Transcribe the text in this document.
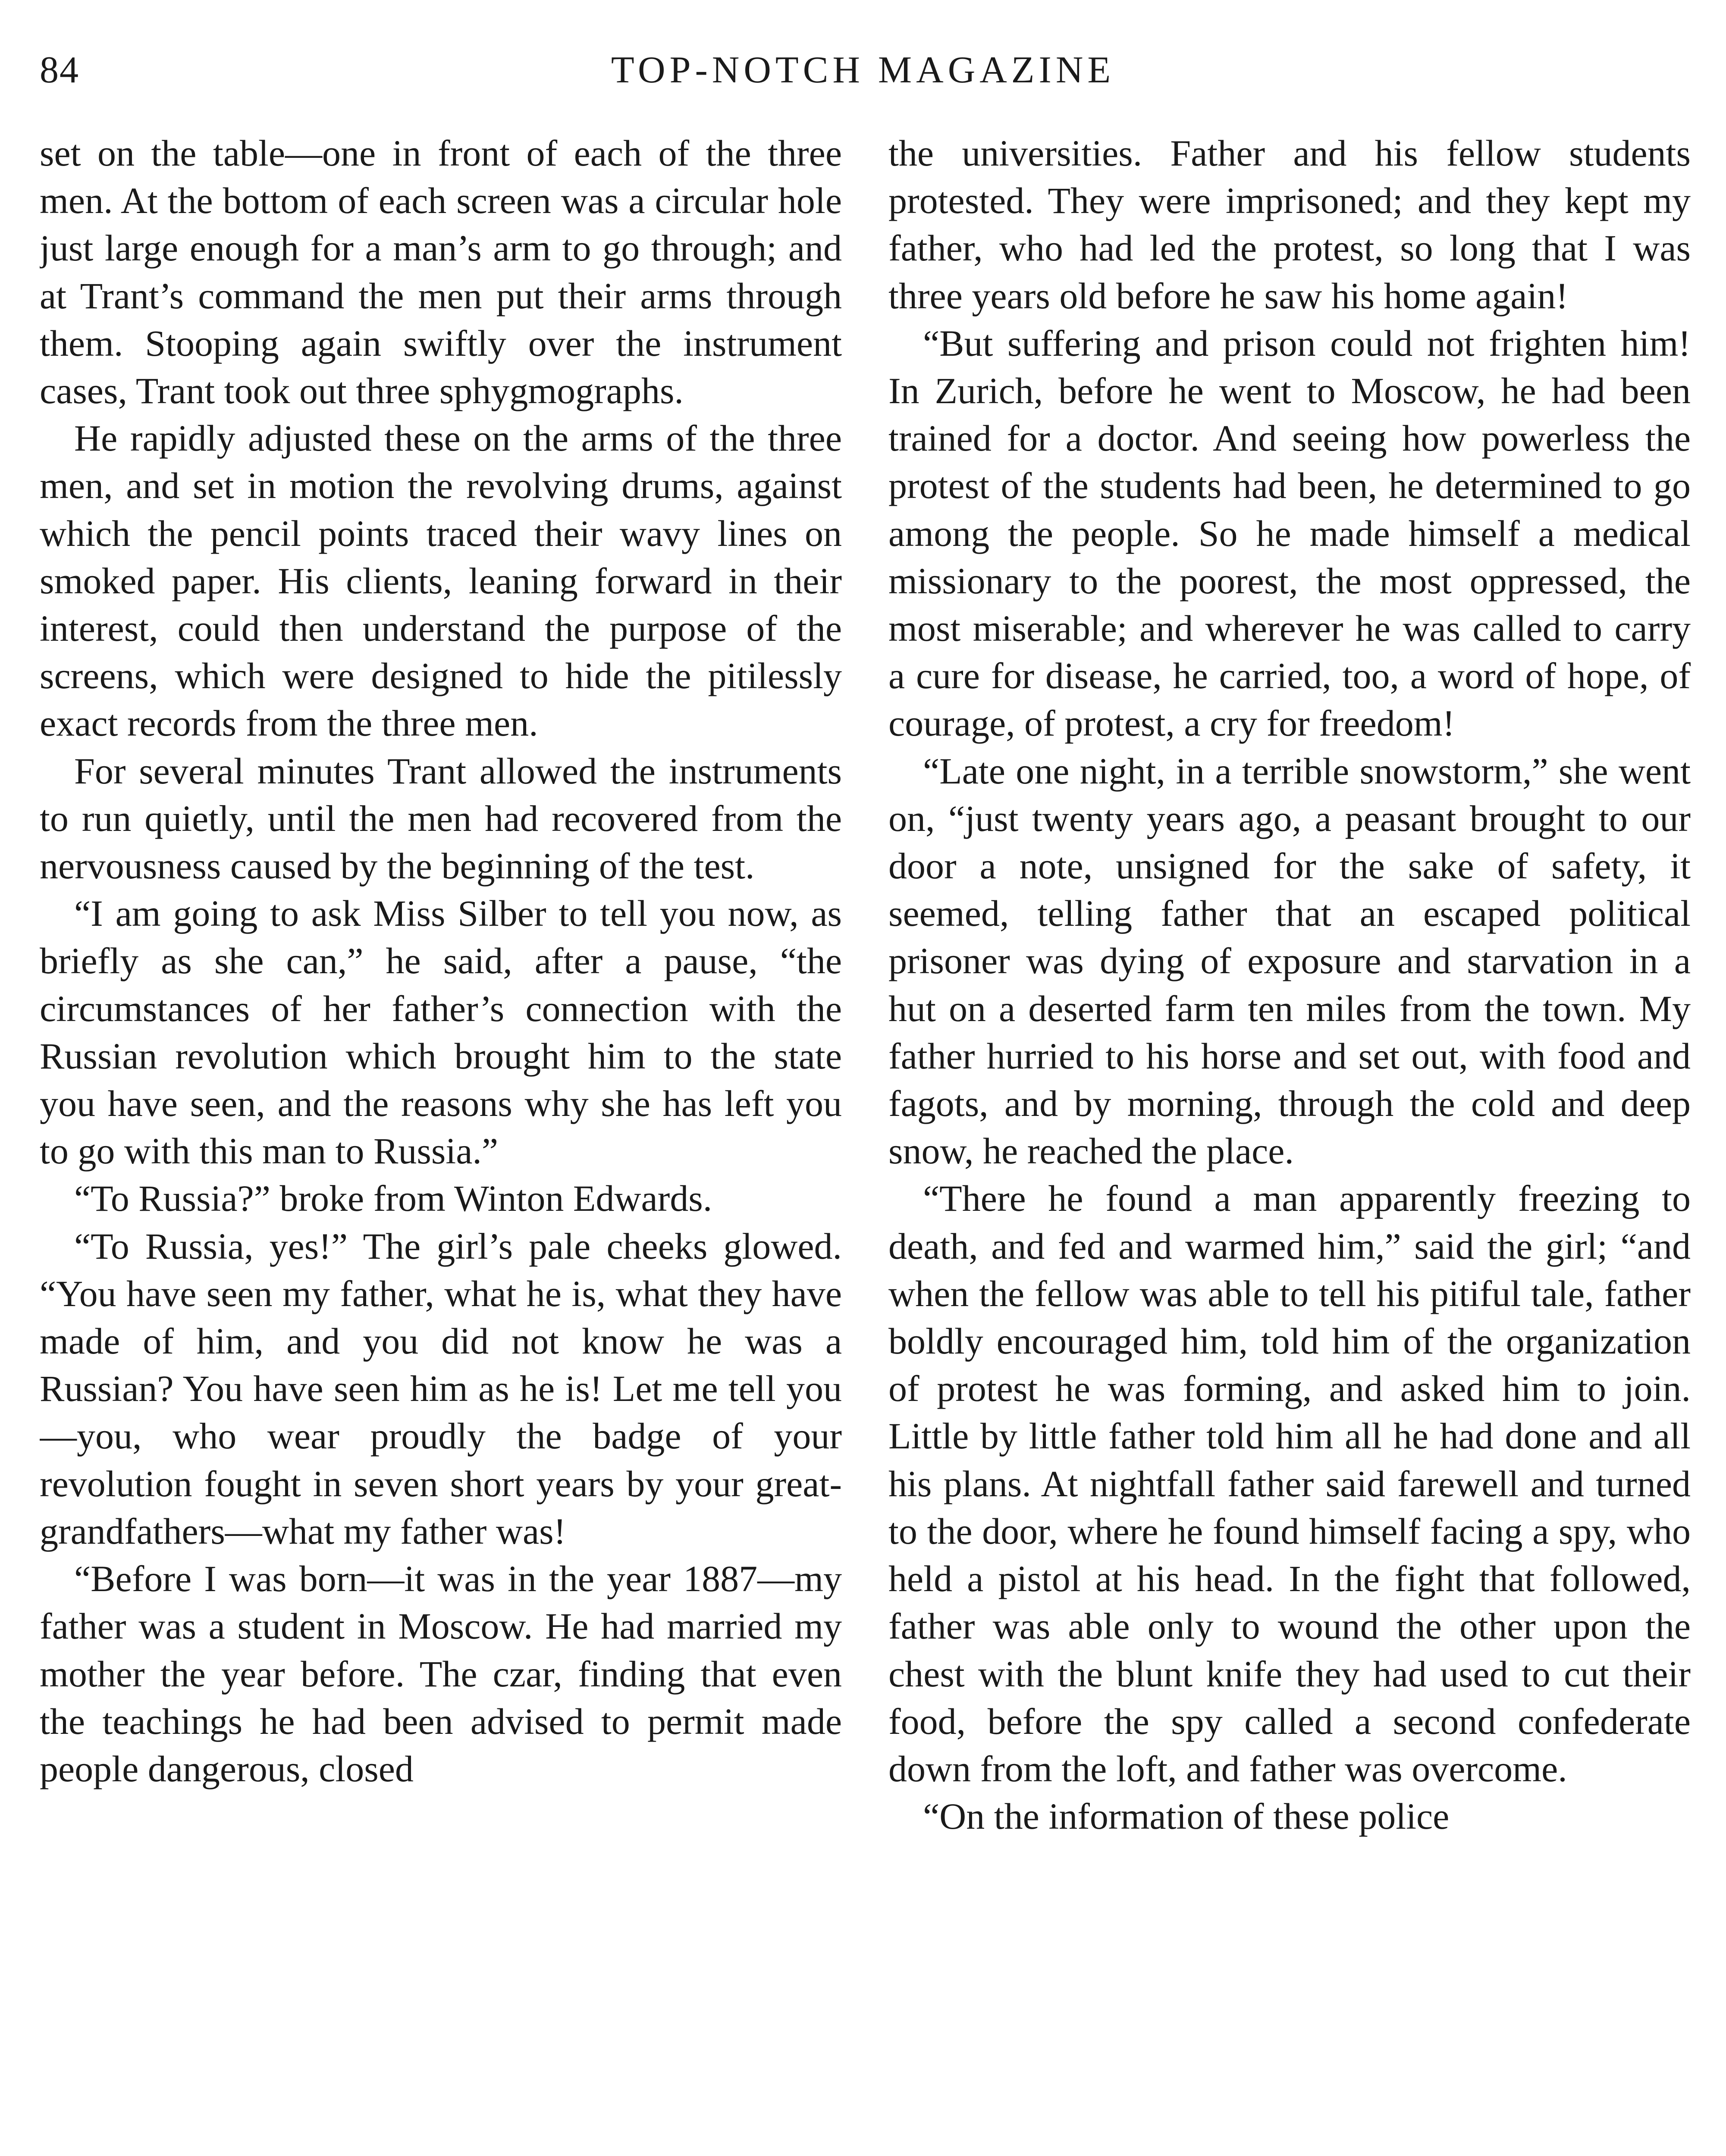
84	TOP-NOTCH MAGAZINE

set on the table—one in front of each of the three men. At the bottom of each screen was a circular hole just large enough for a man’s arm to go through; and at Trant’s command the men put their arms through them. Stooping again swiftly over the instrument cases, Trant took out three sphygmographs.

He rapidly adjusted these on the arms of the three men, and set in motion the revolving drums, against which the pencil points traced their wavy lines on smoked paper. His clients, leaning forward in their interest, could then understand the purpose of the screens, which were designed to hide the pitilessly exact records from the three men.

For several minutes Trant allowed the instruments to run quietly, until the men had recovered from the nervousness caused by the beginning of the test.

“I am going to ask Miss Silber to tell you now, as briefly as she can,” he said, after a pause, “the circumstances of her father’s connection with the Russian revolution which brought him to the state you have seen, and the reasons why she has left you to go with this man to Russia.”

“To Russia?” broke from Winton Edwards.

“To Russia, yes!” The girl’s pale cheeks glowed. “You have seen my father, what he is, what they have made of him, and you did not know he was a Russian? You have seen him as he is! Let me tell you—you, who wear proudly the badge of your revolution fought in seven short years by your great-grandfathers—what my father was!

“Before I was born—it was in the year 1887—my father was a student in Moscow. He had married my mother the year before. The czar, finding that even the teachings he had been advised to permit made people dangerous, closed

the universities. Father and his fellow students protested. They were imprisoned; and they kept my father, who had led the protest, so long that I was three years old before he saw his home again!

“But suffering and prison could not frighten him! In Zurich, before he went to Moscow, he had been trained for a doctor. And seeing how powerless the protest of the students had been, he determined to go among the people. So he made himself a medical missionary to the poorest, the most oppressed, the most miserable; and wherever he was called to carry a cure for disease, he carried, too, a word of hope, of courage, of protest, a cry for freedom!

“Late one night, in a terrible snowstorm,” she went on, “just twenty years ago, a peasant brought to our door a note, unsigned for the sake of safety, it seemed, telling father that an escaped political prisoner was dying of exposure and starvation in a hut on a deserted farm ten miles from the town. My father hurried to his horse and set out, with food and fagots, and by morning, through the cold and deep snow, he reached the place.

“There he found a man apparently freezing to death, and fed and warmed him,” said the girl; “and when the fellow was able to tell his pitiful tale, father boldly encouraged him, told him of the organization of protest he was forming, and asked him to join. Little by little father told him all he had done and all his plans. At nightfall father said farewell and turned to the door, where he found himself facing a spy, who held a pistol at his head. In the fight that followed, father was able only to wound the other upon the chest with the blunt knife they had used to cut their food, before the spy called a second confederate down from the loft, and father was overcome.

“On the information of these police
